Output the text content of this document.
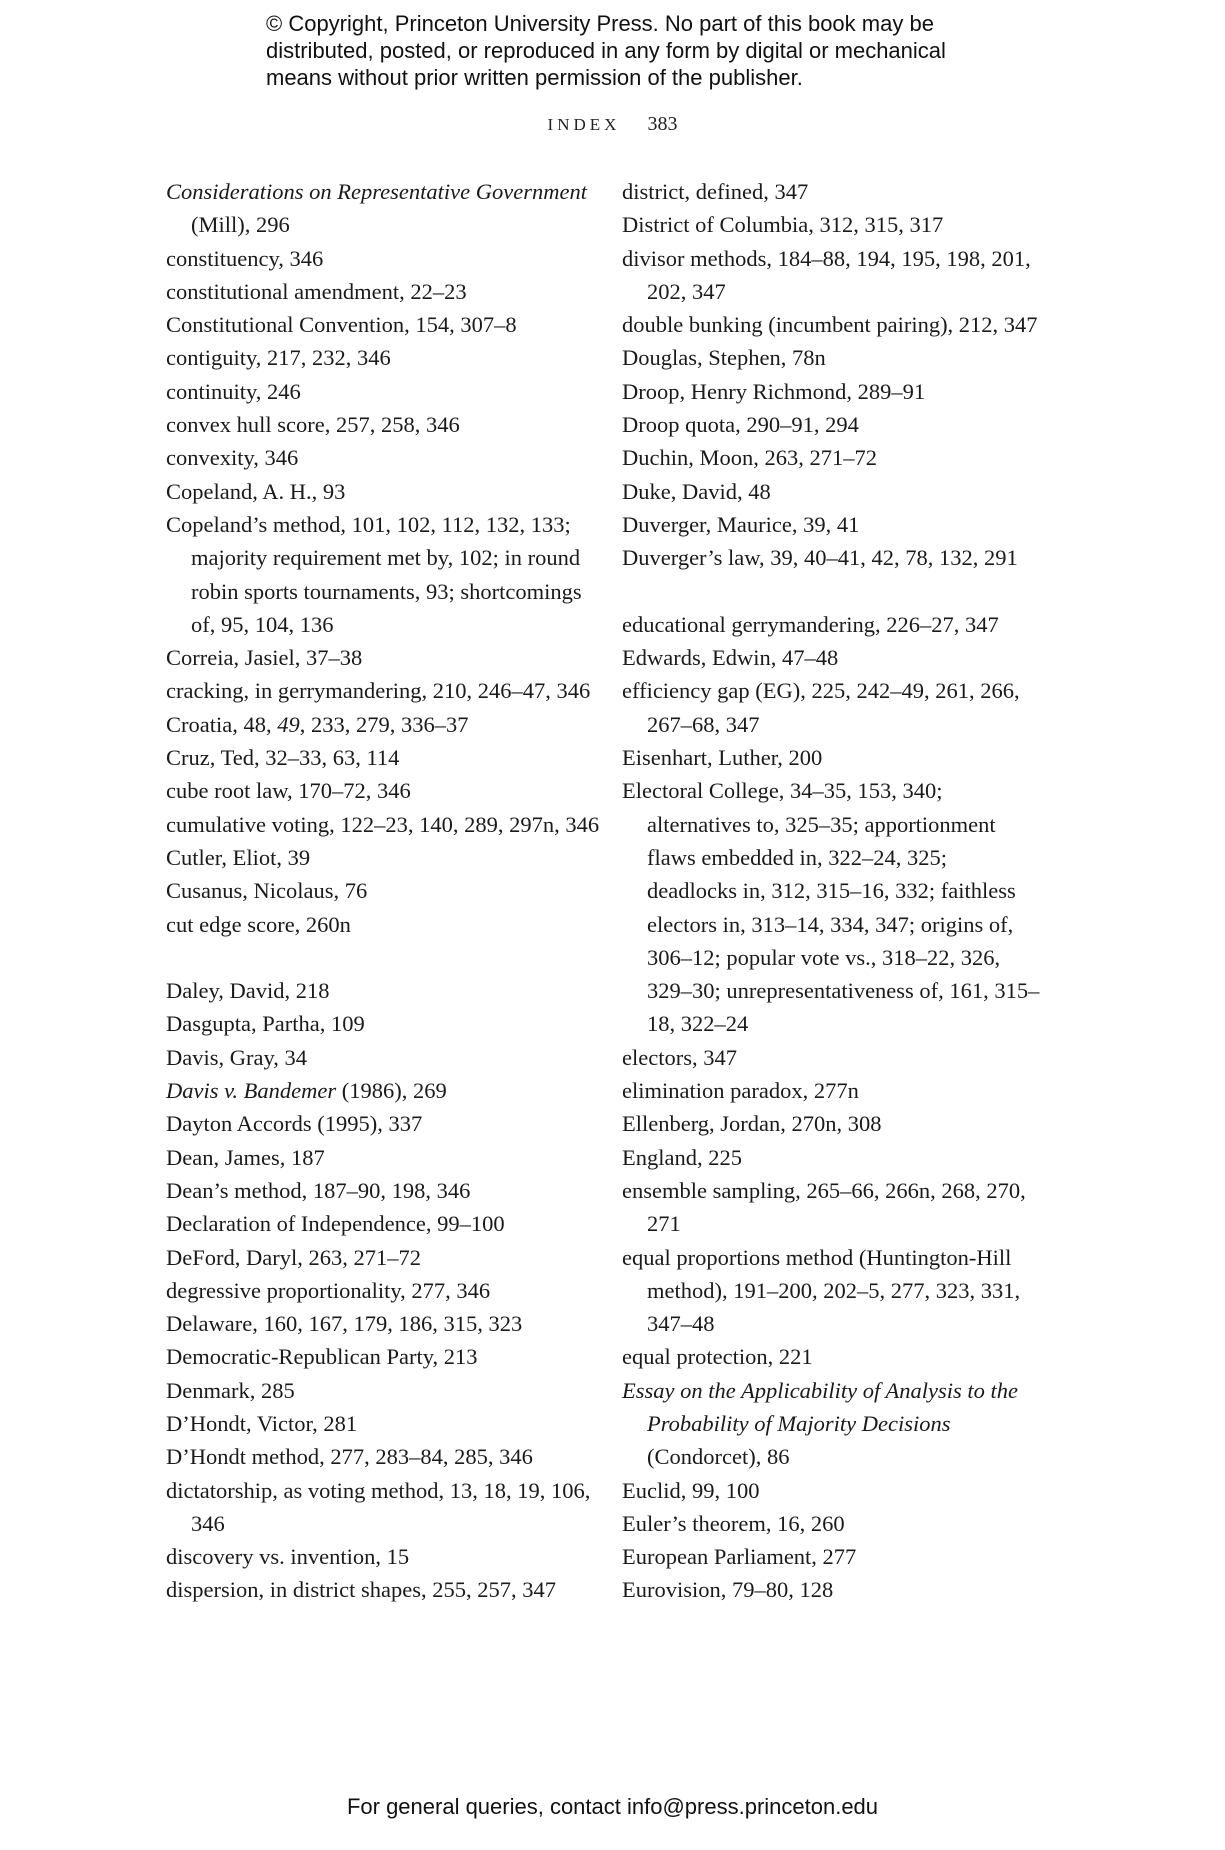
© Copyright, Princeton University Press. No part of this book may be
distributed, posted, or reproduced in any form by digital or mechanical
means without prior written permission of the publisher.
INDEX 383
Considerations on Representative Government (Mill), 296
constituency, 346
constitutional amendment, 22–23
Constitutional Convention, 154, 307–8
contiguity, 217, 232, 346
continuity, 246
convex hull score, 257, 258, 346
convexity, 346
Copeland, A. H., 93
Copeland’s method, 101, 102, 112, 132, 133; majority requirement met by, 102; in round robin sports tournaments, 93; shortcomings of, 95, 104, 136
Correia, Jasiel, 37–38
cracking, in gerrymandering, 210, 246–47, 346
Croatia, 48, 49, 233, 279, 336–37
Cruz, Ted, 32–33, 63, 114
cube root law, 170–72, 346
cumulative voting, 122–23, 140, 289, 297n, 346
Cutler, Eliot, 39
Cusanus, Nicolaus, 76
cut edge score, 260n
Daley, David, 218
Dasgupta, Partha, 109
Davis, Gray, 34
Davis v. Bandemer (1986), 269
Dayton Accords (1995), 337
Dean, James, 187
Dean’s method, 187–90, 198, 346
Declaration of Independence, 99–100
DeFord, Daryl, 263, 271–72
degressive proportionality, 277, 346
Delaware, 160, 167, 179, 186, 315, 323
Democratic-Republican Party, 213
Denmark, 285
D’Hondt, Victor, 281
D’Hondt method, 277, 283–84, 285, 346
dictatorship, as voting method, 13, 18, 19, 106, 346
discovery vs. invention, 15
dispersion, in district shapes, 255, 257, 347
district, defined, 347
District of Columbia, 312, 315, 317
divisor methods, 184–88, 194, 195, 198, 201, 202, 347
double bunking (incumbent pairing), 212, 347
Douglas, Stephen, 78n
Droop, Henry Richmond, 289–91
Droop quota, 290–91, 294
Duchin, Moon, 263, 271–72
Duke, David, 48
Duverger, Maurice, 39, 41
Duverger’s law, 39, 40–41, 42, 78, 132, 291
educational gerrymandering, 226–27, 347
Edwards, Edwin, 47–48
efficiency gap (EG), 225, 242–49, 261, 266, 267–68, 347
Eisenhart, Luther, 200
Electoral College, 34–35, 153, 340; alternatives to, 325–35; apportionment flaws embedded in, 322–24, 325; deadlocks in, 312, 315–16, 332; faithless electors in, 313–14, 334, 347; origins of, 306–12; popular vote vs., 318–22, 326, 329–30; unrepresentativeness of, 161, 315–18, 322–24
electors, 347
elimination paradox, 277n
Ellenberg, Jordan, 270n, 308
England, 225
ensemble sampling, 265–66, 266n, 268, 270, 271
equal proportions method (Huntington-Hill method), 191–200, 202–5, 277, 323, 331, 347–48
equal protection, 221
Essay on the Applicability of Analysis to the Probability of Majority Decisions (Condorcet), 86
Euclid, 99, 100
Euler’s theorem, 16, 260
European Parliament, 277
Eurovision, 79–80, 128
For general queries, contact info@press.princeton.edu
